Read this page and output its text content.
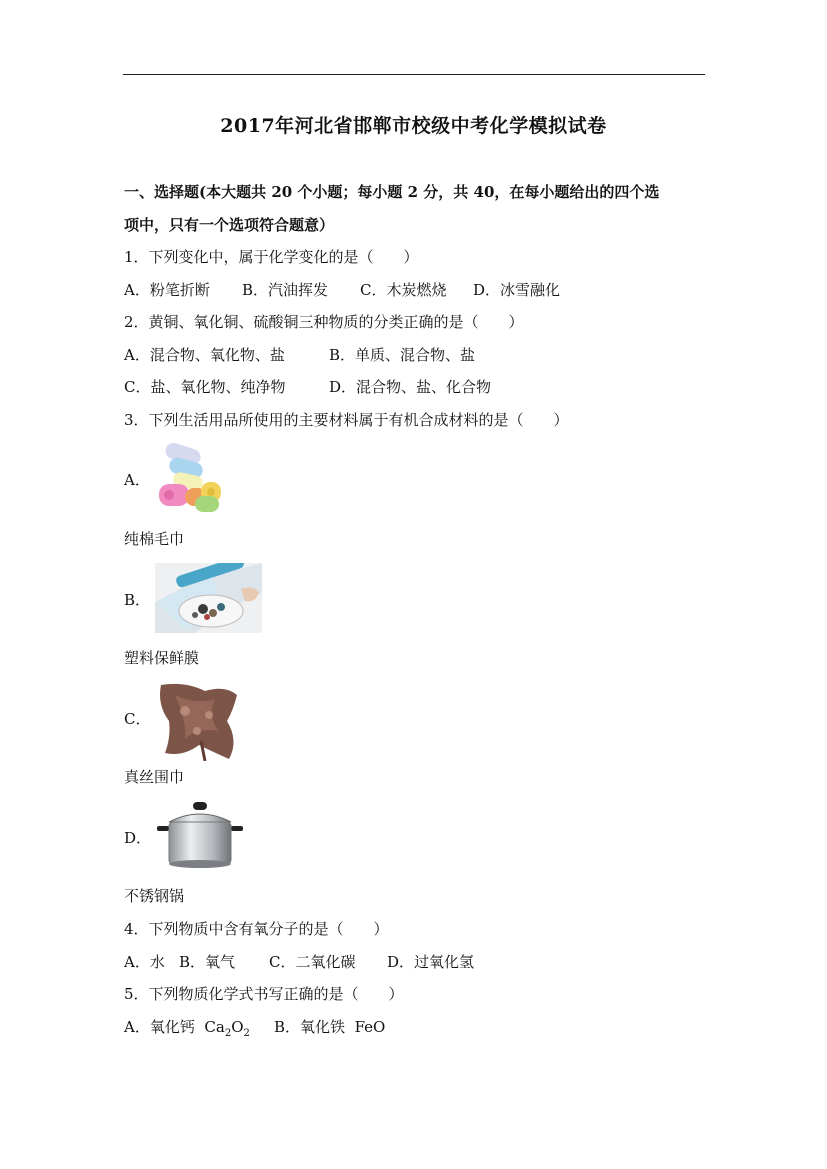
2017年河北省邯郸市校级中考化学模拟试卷
一、选择题(本大题共 20 个小题；每小题 2 分，共 40，在每小题给出的四个选
项中，只有一个选项符合题意）
1．下列变化中，属于化学变化的是（　　）
A．粉笔折断 B．汽油挥发 C．木炭燃烧 D．冰雪融化
2．黄铜、氧化铜、硫酸铜三种物质的分类正确的是（　　）
A．混合物、氧化物、盐	B．单质、混合物、盐
C．盐、氧化物、纯净物	D．混合物、盐、化合物
3．下列生活用品所使用的主要材料属于有机合成材料的是（　　）
A．
纯棉毛巾
B．
塑料保鲜膜
C．
真丝围巾
D．
不锈钢锅
4．下列物质中含有氧分子的是（　　）
A．水 B．氧气 C．二氧化碳 D．过氧化氢
5．下列物质化学式书写正确的是（　　）
A．氧化钙 $Ca_2O_2$ B．氧化铁 FeO
